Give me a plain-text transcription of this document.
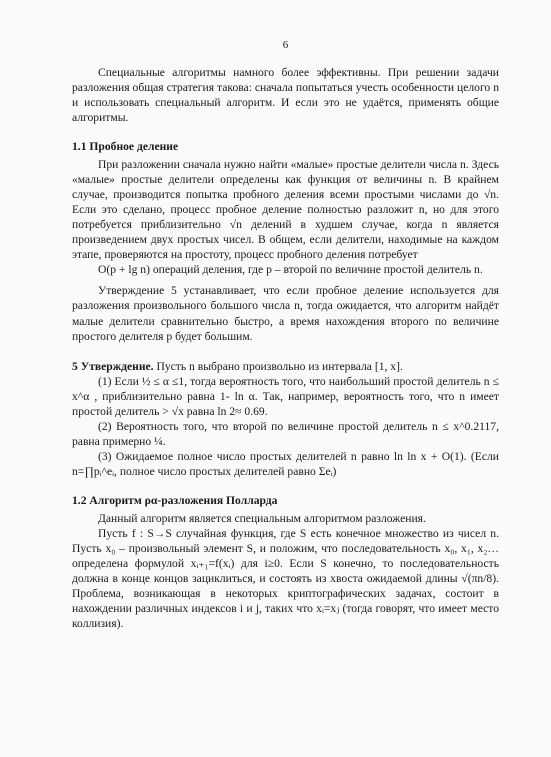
6

Специальные алгоритмы намного более эффективны. При решении задачи разложения общая стратегия такова: сначала попытаться учесть особенности целого n и использовать специальный алгоритм. И если это не удаётся, применять общие алгоритмы.

1.1 Пробное деление

При разложении сначала нужно найти «малые» простые делители числа n. Здесь «малые» простые делители определены как функция от величины n. В крайнем случае, производится попытка пробного деления всеми простыми числами до √n. Если это сделано, процесс пробное деление полностью разложит n, но для этого потребуется приблизительно √n делений в худшем случае, когда n является произведением двух простых чисел. В общем, если делители, находимые на каждом этапе, проверяются на простоту, процесс пробного деления потребует

O(p + lg n) операций деления, где p – второй по величине простой делитель n.

Утверждение 5 устанавливает, что если пробное деление используется для разложения произвольного большого числа n, тогда ожидается, что алгоритм найдёт малые делители сравнительно быстро, а время нахождения второго по величине простого делителя p будет большим.

5 Утверждение. Пусть n выбрано произвольно из интервала [1, x].

(1) Если ½ ≤ α ≤1, тогда вероятность того, что наибольший простой делитель n ≤ x^α , приблизительно равна 1- ln α. Так, например, вероятность того, что n имеет простой делитель > √x равна ln 2≈ 0.69.

(2) Вероятность того, что второй по величине простой делитель n ≤ x^0.2117, равна примерно ¼.

(3) Ожидаемое полное число простых делителей n равно ln ln x + O(1). (Если n=∏pᵢ^eᵢ, полное число простых делителей равно Σeᵢ)

1.2 Алгоритм ρα-разложения Полларда

Данный алгоритм является специальным алгоритмом разложения.

Пусть f : S→S случайная функция, где S есть конечное множество из чисел n. Пусть x₀ – произвольный элемент S, и положим, что последовательность x₀, x₁, x₂… определена формулой xᵢ₊₁=f(xᵢ) для i≥0. Если S конечно, то последовательность должна в конце концов зациклиться, и состоять из хвоста ожидаемой длины √(πn/8). Проблема, возникающая в некоторых криптографических задачах, состоит в нахождении различных индексов i и j, таких что xᵢ=xⱼ (тогда говорят, что имеет место коллизия).
